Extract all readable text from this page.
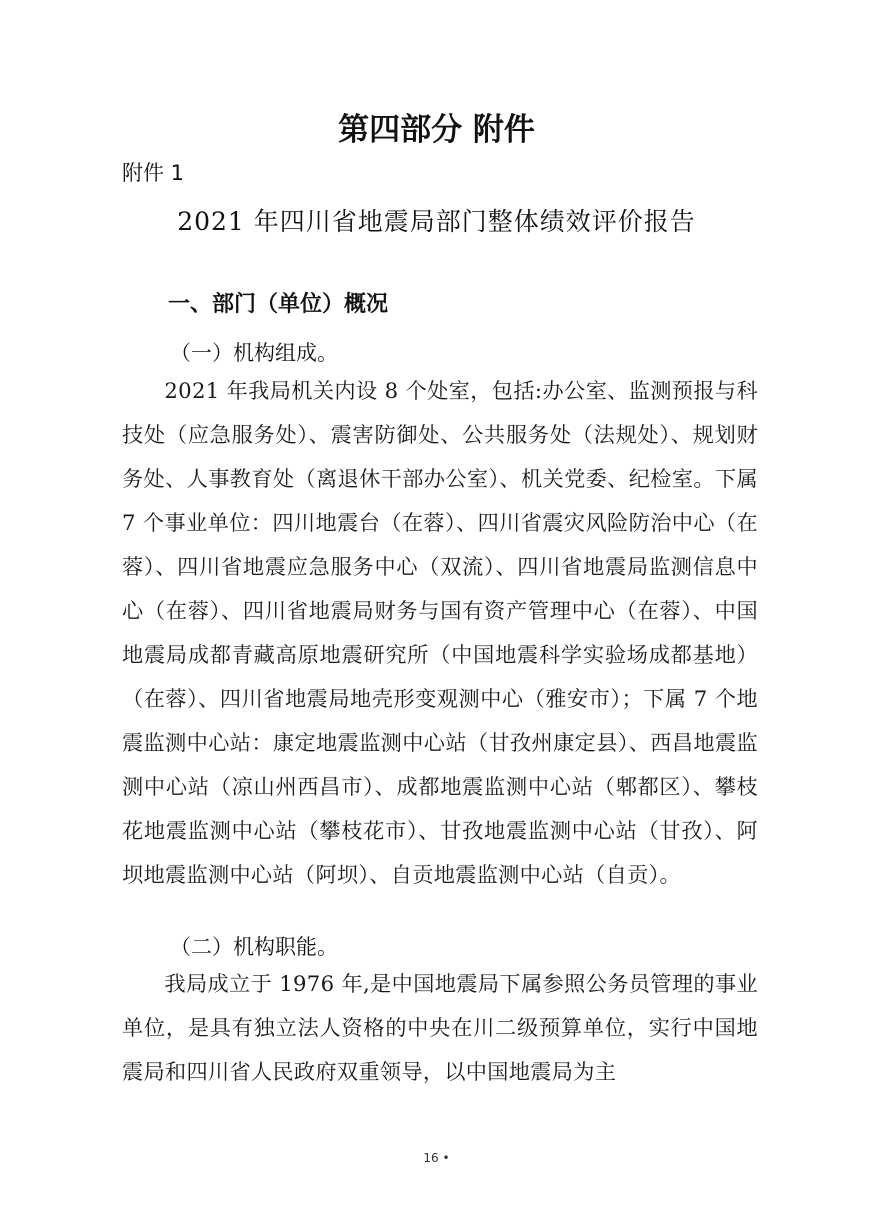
第四部分 附件
附件 1
2021 年四川省地震局部门整体绩效评价报告
一、部门（单位）概况
（一）机构组成。

2021 年我局机关内设 8 个处室，包括:办公室、监测预报与科技处（应急服务处）、震害防御处、公共服务处（法规处）、规划财务处、人事教育处（离退休干部办公室）、机关党委、纪检室。下属 7 个事业单位：四川地震台（在蓉）、四川省震灾风险防治中心（在蓉）、四川省地震应急服务中心（双流）、四川省地震局监测信息中心（在蓉）、四川省地震局财务与国有资产管理中心（在蓉）、中国地震局成都青藏高原地震研究所（中国地震科学实验场成都基地）（在蓉）、四川省地震局地壳形变观测中心（雅安市）；下属 7 个地震监测中心站：康定地震监测中心站（甘孜州康定县）、西昌地震监测中心站（凉山州西昌市）、成都地震监测中心站（郫都区）、攀枝花地震监测中心站（攀枝花市）、甘孜地震监测中心站（甘孜）、阿坝地震监测中心站（阿坝）、自贡地震监测中心站（自贡）。

（二）机构职能。

我局成立于 1976 年,是中国地震局下属参照公务员管理的事业单位，是具有独立法人资格的中央在川二级预算单位，实行中国地震局和四川省人民政府双重领导，以中国地震局为主

16 •
